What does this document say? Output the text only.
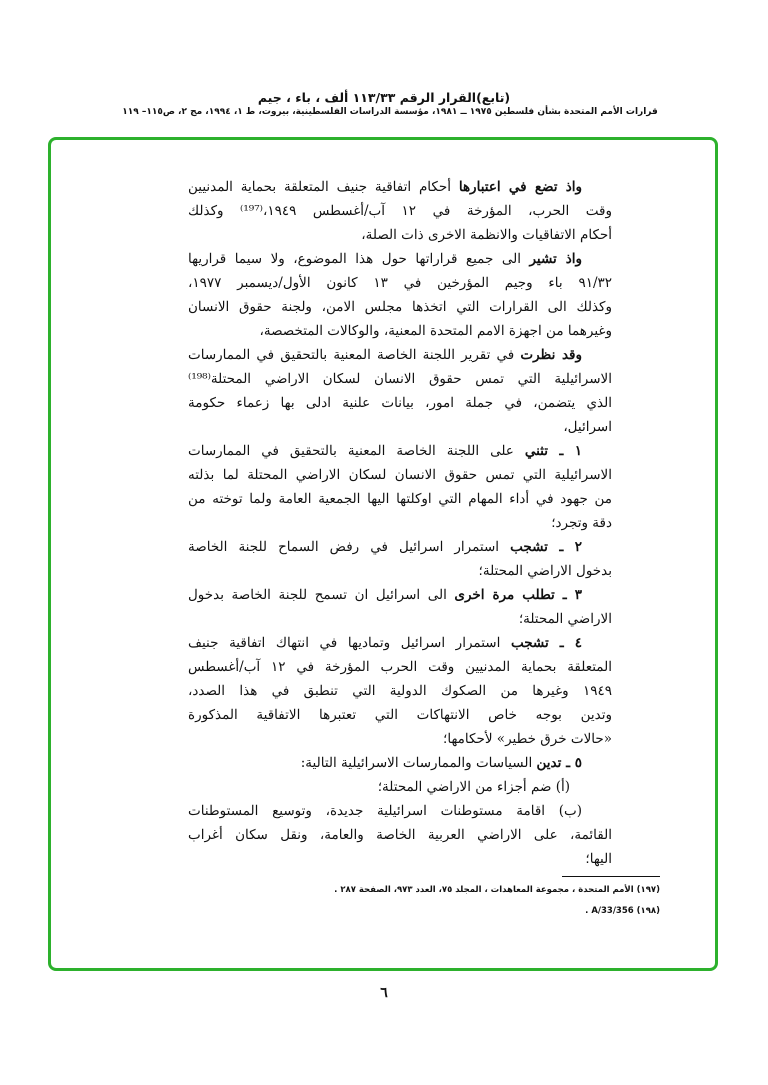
(تابع)القرار الرقم ١١٣/٣٣ ألف ، باء ، جيم
قرارات الأمم المتحدة بشأن فلسطين ١٩٧٥ ــ ١٩٨١، مؤسسة الدراسات الفلسطينية، بيروت، ط ١، ١٩٩٤، مج ٢، ص١١٥– ١١٩
واذ تضع في اعتبارها أحكام اتفاقية جنيف المتعلقة بحماية المدنيين
وقت الحرب، المؤرخة في ١٢ آب/أغسطس ١٩٤٩،⁽¹⁹⁷⁾ وكذلك
أحكام الاتفاقيات والانظمة الاخرى ذات الصلة،
واذ تشير الى جميع قراراتها حول هذا الموضوع، ولا سيما قراريها
٩١/٣٢ باء وجيم المؤرخين في ١٣ كانون الأول/ديسمبر ١٩٧٧،
وكذلك الى القرارات التي اتخذها مجلس الامن، ولجنة حقوق الانسان
وغيرهما من اجهزة الامم المتحدة المعنية، والوكالات المتخصصة،
وقد نظرت في تقرير اللجنة الخاصة المعنية بالتحقيق في الممارسات
الاسرائيلية التي تمس حقوق الانسان لسكان الاراضي المحتلة⁽¹⁹⁸⁾
الذي يتضمن، في جملة امور، بيانات علنية ادلى بها زعماء حكومة
اسرائيل،
١ ـ تثني على اللجنة الخاصة المعنية بالتحقيق في الممارسات
الاسرائيلية التي تمس حقوق الانسان لسكان الاراضي المحتلة لما بذلته
من جهود في أداء المهام التي اوكلتها اليها الجمعية العامة ولما توخته من
دقة وتجرد؛
٢ ـ تشجب استمرار اسرائيل في رفض السماح للجنة الخاصة
بدخول الاراضي المحتلة؛
٣ ـ تطلب مرة اخرى الى اسرائيل ان تسمح للجنة الخاصة بدخول
الاراضي المحتلة؛
٤ ـ تشجب استمرار اسرائيل وتماديها في انتهاك اتفاقية جنيف
المتعلقة بحماية المدنيين وقت الحرب المؤرخة في ١٢ آب/أغسطس
١٩٤٩ وغيرها من الصكوك الدولية التي تنطبق في هذا الصدد،
وتدين بوجه خاص الانتهاكات التي تعتبرها الاتفاقية المذكورة
«حالات خرق خطير» لأحكامها؛
٥ ـ تدين السياسات والممارسات الاسرائيلية التالية:
(أ) ضم أجزاء من الاراضي المحتلة؛
(ب) اقامة مستوطنات اسرائيلية جديدة، وتوسيع المستوطنات
القائمة، على الاراضي العربية الخاصة والعامة، ونقل سكان أغراب
اليها؛
(١٩٧) الأمم المتحدة ، مجموعة المعاهدات ، المجلد ٧٥، العدد ٩٧٣، الصفحة ٢٨٧ .
(١٩٨) A/33/356 .
٦
